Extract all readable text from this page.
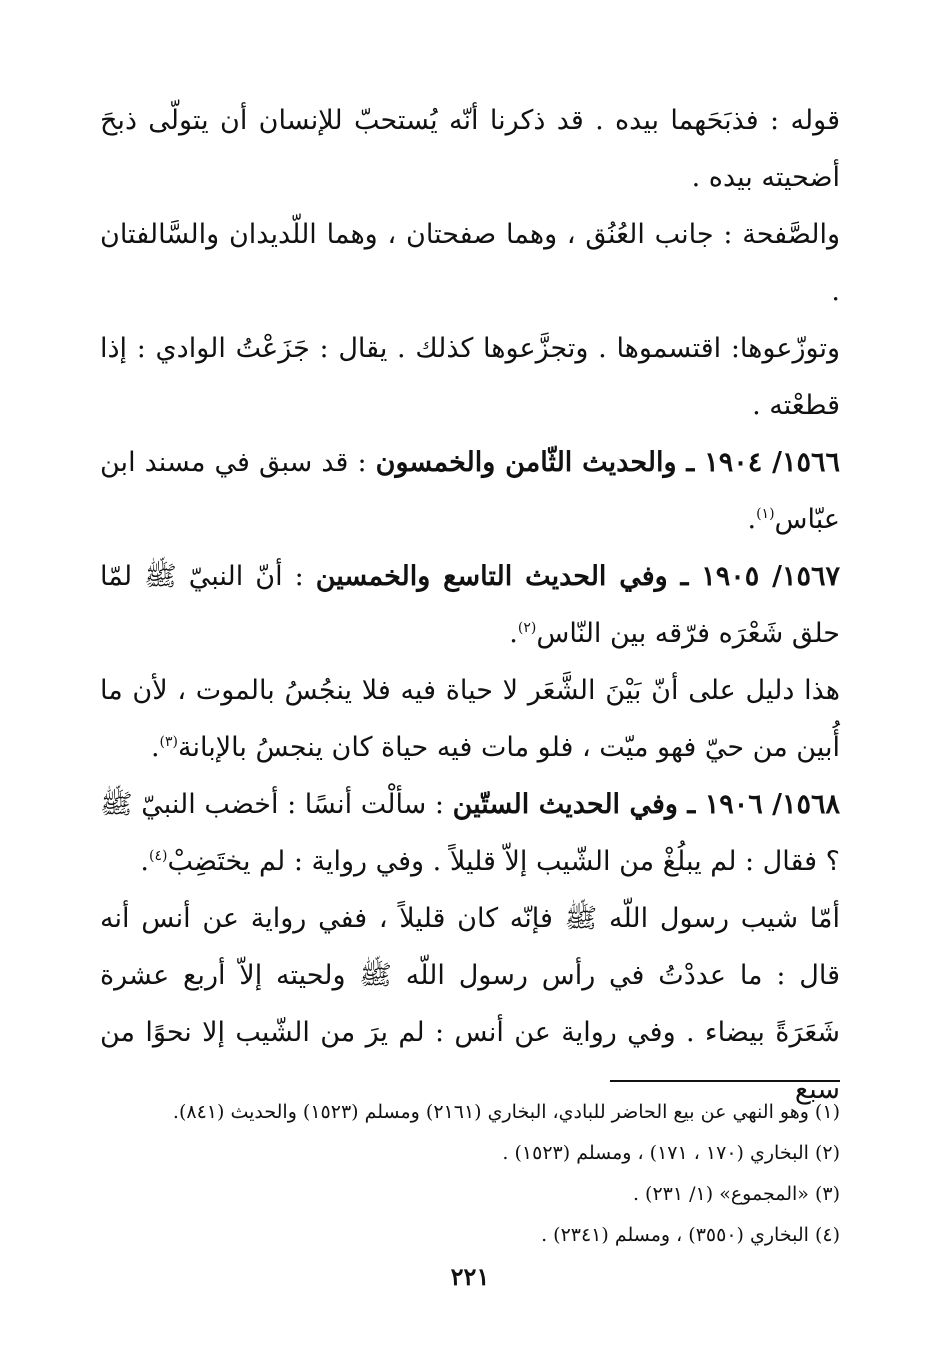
قوله : فذبَحَهما بيده . قد ذكرنا أنّه يُستحبّ للإنسان أن يتولّى ذبحَ أضحيته بيده .

والصَّفحة : جانب العُنُق ، وهما صفحتان ، وهما اللّديدان والسَّالفتان .

وتوزّعوها: اقتسموها . وتجزَّعوها كذلك . يقال : جَزَعْتُ الوادي : إذا قطعْته .

١٥٦٦/ ١٩٠٤ ـ والحديث الثّامن والخمسون : قد سبق في مسند ابن عبّاس$^{(١)}$.

١٥٦٧/ ١٩٠٥ ـ وفي الحديث التاسع والخمسين : أنّ النبيّ ﷺ لمّا حلق شَعْرَه فرّقه بين النّاس$^{(٢)}$.

هذا دليل على أنّ بَيْنَ الشَّعَر لا حياة فيه فلا ينجُسُ بالموت ، لأن ما أُبين من حيّ فهو ميّت ، فلو مات فيه حياة كان ينجسُ بالإبانة$^{(٣)}$.

١٥٦٨/ ١٩٠٦ ـ وفي الحديث الستّين : سألْت أنسًا : أخضب النبيّ ﷺ ؟ فقال : لم يبلُغْ من الشّيب إلاّ قليلاً . وفي رواية : لم يختَضِبْ$^{(٤)}$.

أمّا شيب رسول اللّه ﷺ فإنّه كان قليلاً ، ففي رواية عن أنس أنه قال : ما عددْتُ في رأس رسول اللّه ﷺ ولحيته إلاّ أربع عشرة شَعَرَةً بيضاء . وفي رواية عن أنس : لم يرَ من الشّيب إلا نحوًا من سبع

(١) وهو النهي عن بيع الحاضر للبادي، البخاري (٢١٦١) ومسلم (١٥٢٣) والحديث (٨٤١).

(٢) البخاري (١٧٠ ، ١٧١) ، ومسلم (١٥٢٣) .

(٣) «المجموع» (١/ ٢٣١) .

(٤) البخاري (٣٥٥٠) ، ومسلم (٢٣٤١) .

٢٢١
